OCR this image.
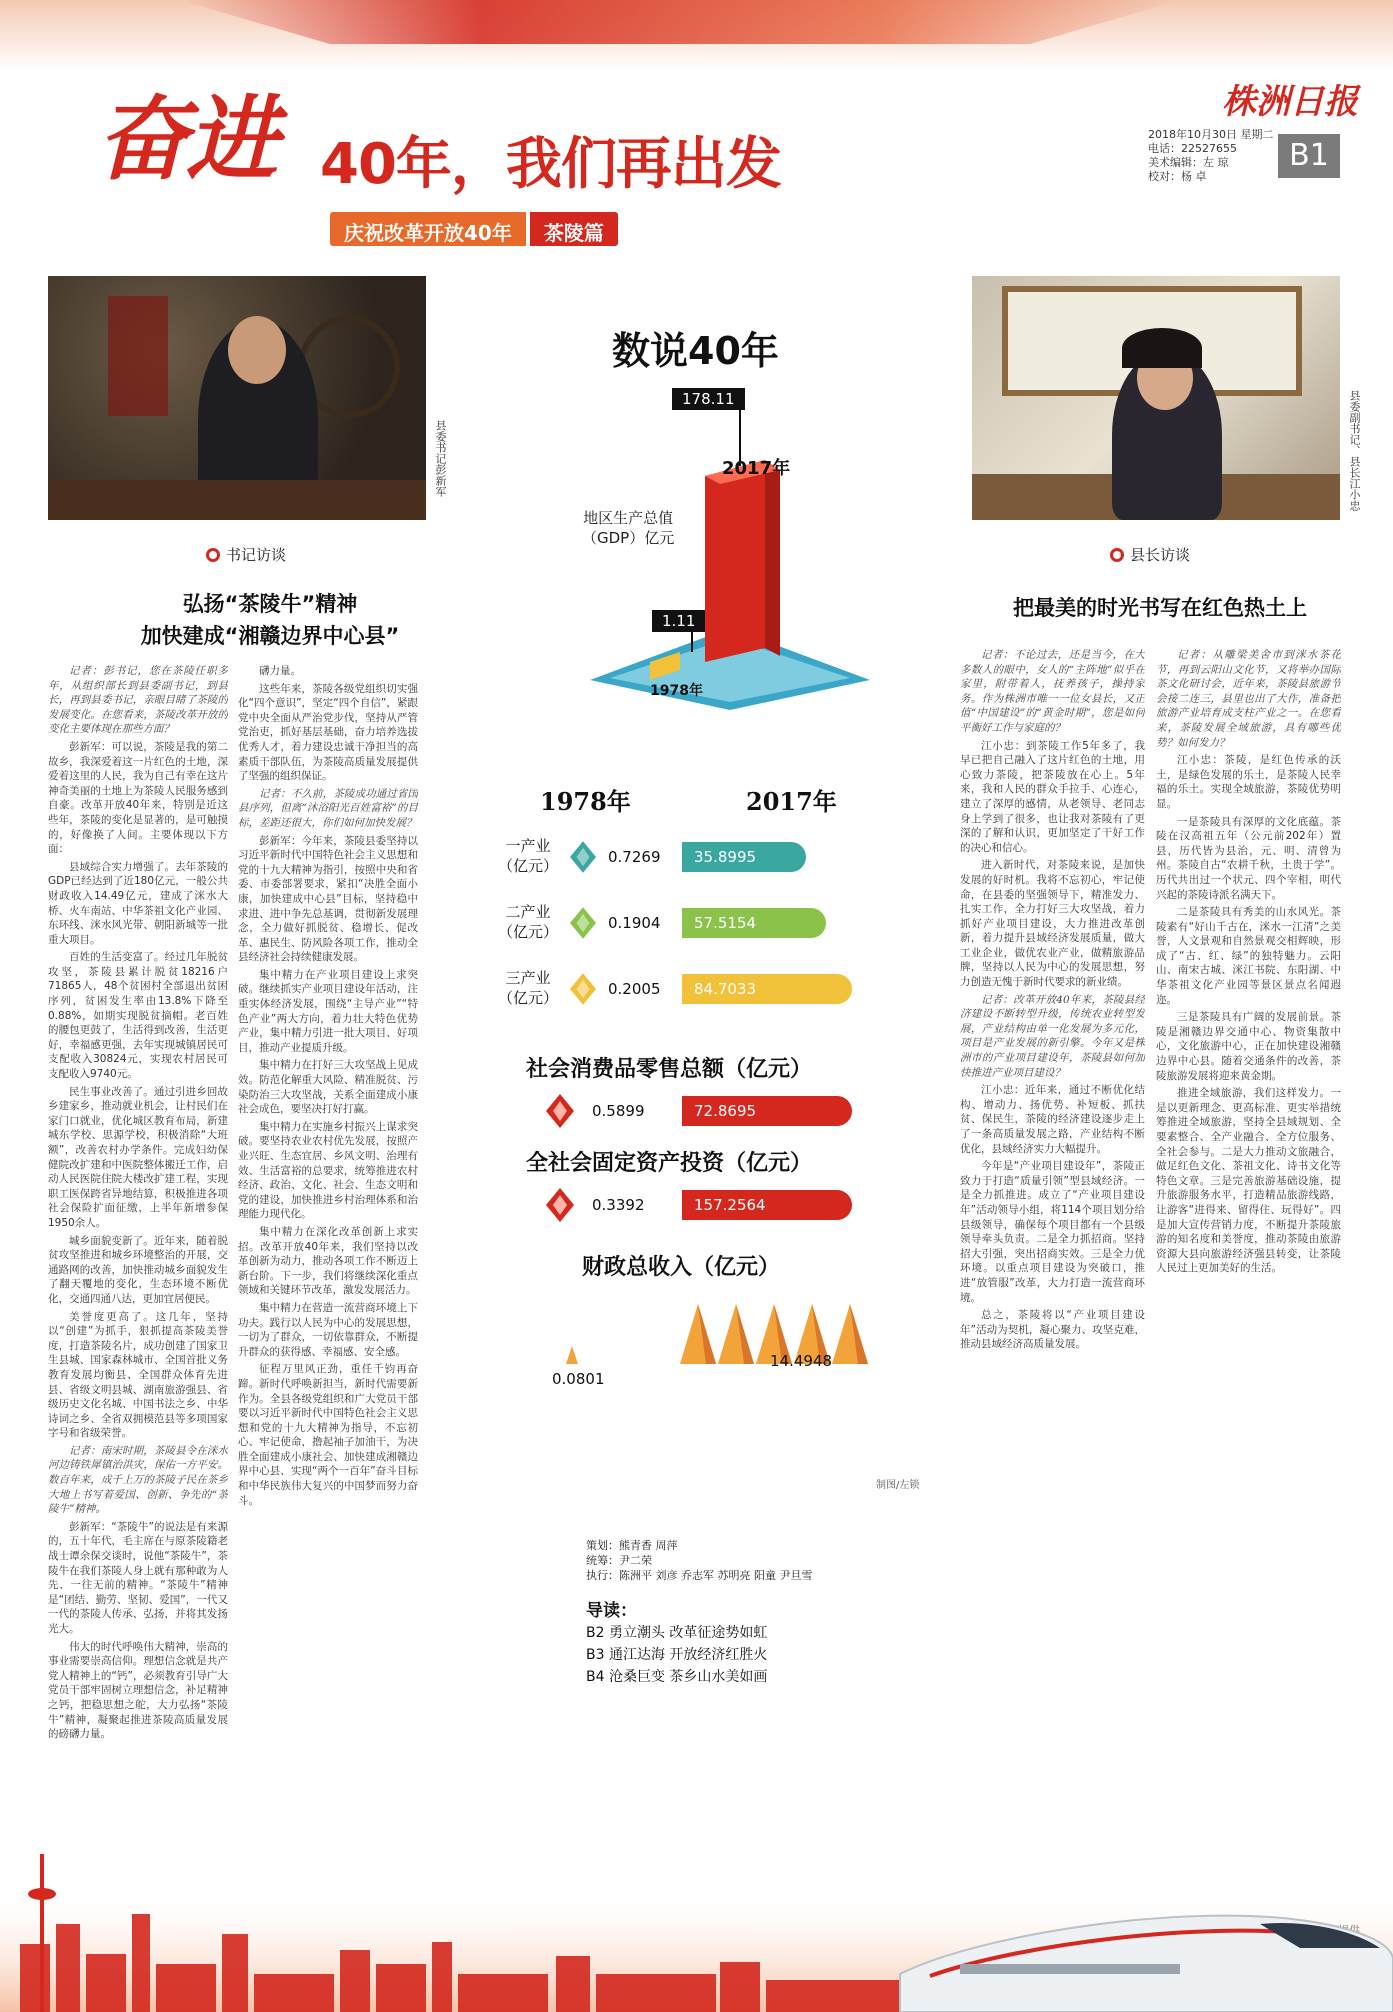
奋进 40年，我们再出发
庆祝改革开放40年	茶陵篇
株洲日报
2018年10月30日 星期二
电话：22527655
美术编辑：左 琼
校对：杨 卓
B1
县委书记彭新军	县委副书记、县长江小忠
书记访谈	县长访谈
弘扬“茶陵牛”精神
加快建成“湘赣边界中心县”
把最美的时光书写在红色热土上

记者：彭书记，您在茶陵任职多年，从组织部长到县委副书记，到县长，再到县委书记，亲眼目睹了茶陵的发展变化。在您看来，茶陵改革开放的变化主要体现在那些方面？

彭新军：可以说，茶陵是我的第二故乡，我深爱着这一片红色的土地，深爱着这里的人民，我为自己有幸在这片神奇美丽的土地上为茶陵人民服务感到自豪。改革开放40年来，特别是近这些年，茶陵的变化是显著的，是可触摸的，好像换了人间。主要体现以下方面：

县域综合实力增强了。去年茶陵的GDP已经达到了近180亿元，一般公共财政收入14.49亿元，建成了洣水大桥、火车南站、中华茶祖文化产业园、东环线、洣水风光带、朝阳新城等一批重大项目。

百姓的生活变富了。经过几年脱贫攻坚，茶陵县累计脱贫18216户71865人，48个贫困村全部退出贫困序列，贫困发生率由13.8%下降至0.88%，如期实现脱贫摘帽。老百姓的腰包更鼓了，生活得到改善，生活更好，幸福感更强，去年实现城镇居民可支配收入30824元，实现农村居民可支配收入9740元。

民生事业改善了。通过引进乡回故乡建家乡，推动就业机会，让村民们在家门口就业，优化城区教育布局，新建城东学校、思源学校，积极消除“大班额”，改善农村办学条件。完成妇幼保健院改扩建和中医院整体搬迁工作，启动人民医院住院大楼改扩建工程，实现职工医保跨省异地结算，积极推进各项社会保险扩面征缴，上半年新增参保1950余人。

城乡面貌变新了。近年来，随着脱贫攻坚推进和城乡环境整治的开展，交通路网的改善，加快推动城乡面貌发生了翻天覆地的变化，生态环境不断优化，交通四通八达，更加宜居便民。

美誉度更高了。这几年，坚持以“创建”为抓手，狠抓提高茶陵美誉度，打造茶陵名片，成功创建了国家卫生县城、国家森林城市、全国首批义务教育发展均衡县、全国群众体育先进县、省级文明县城、湖南旅游强县、省级历史文化名城、中国书法之乡、中华诗词之乡、全省双拥模范县等多项国家字号和省级荣誉。

记者：南宋时期，茶陵县令在洣水河边铸铁犀镇治洪灾，保佑一方平安。数百年来，成千上万的茶陵子民在茶乡大地上书写着爱国、创新、争先的“茶陵牛”精神。

彭新军：“茶陵牛”的说法是有来源的，五十年代，毛主席在与原茶陵籍老战士谭余保交谈时，说他“茶陵牛”，茶陵牛在我们茶陵人身上就有那种敢为人先、一往无前的精神。“茶陵牛”精神是“团结、勤劳、坚韧、爱国”，一代又一代的茶陵人传承、弘扬，并将其发扬光大。

伟大的时代呼唤伟大精神，崇高的事业需要崇高信仰。理想信念就是共产党人精神上的“钙”，必须教育引导广大党员干部牢固树立理想信念，补足精神之钙，把稳思想之舵，大力弘扬“茶陵牛”精神，凝聚起推进茶陵高质量发展的磅礴力量。

礴力量。

这些年来，茶陵各级党组织切实强化“四个意识”，坚定“四个自信”，紧跟党中央全面从严治党步伐，坚持从严管党治吏，抓好基层基础，奋力培养选拔优秀人才，着力建设忠诚干净担当的高素质干部队伍，为茶陵高质量发展提供了坚强的组织保证。

记者：不久前，茶陵成功通过省国县序列，但离“沐浴阳光百姓富裕”的目标，差距还很大，你们如何加快发展？

彭新军：今年来，茶陵县委坚持以习近平新时代中国特色社会主义思想和党的十九大精神为指引，按照中央和省委、市委部署要求，紧扣“决胜全面小康，加快建成中心县”目标，坚持稳中求进、进中争先总基调，贯彻新发展理念，全力做好抓脱贫、稳增长、促改革、惠民生、防风险各项工作，推动全县经济社会持续健康发展。

集中精力在产业项目建设上求突破。继续抓实产业项目建设年活动，注重实体经济发展，围绕“主导产业”“特色产业”两大方向，着力壮大特色优势产业，集中精力引进一批大项目、好项目，推动产业提质升级。

集中精力在打好三大攻坚战上见成效。防范化解重大风险、精准脱贫、污染防治三大攻坚战，关系全面建成小康社会成色，要坚决打好打赢。

集中精力在实施乡村振兴上谋求突破。要坚持农业农村优先发展，按照产业兴旺、生态宜居、乡风文明、治理有效、生活富裕的总要求，统筹推进农村经济、政治、文化、社会、生态文明和党的建设，加快推进乡村治理体系和治理能力现代化。

集中精力在深化改革创新上求实招。改革开放40年来，我们坚持以改革创新为动力，推动各项工作不断迈上新台阶。下一步，我们将继续深化重点领域和关键环节改革，激发发展活力。

集中精力在营造一流营商环境上下功夫。践行以人民为中心的发展思想，一切为了群众，一切依靠群众，不断提升群众的获得感、幸福感、安全感。

征程万里风正劲，重任千钧再奋蹄。新时代呼唤新担当，新时代需要新作为。全县各级党组织和广大党员干部要以习近平新时代中国特色社会主义思想和党的十九大精神为指导，不忘初心、牢记使命，撸起袖子加油干，为决胜全面建成小康社会、加快建成湘赣边界中心县、实现“两个一百年”奋斗目标和中华民族伟大复兴的中国梦而努力奋斗。

记者：不论过去，还是当今，在大多数人的眼中，女人的“主阵地”似乎在家里，附带着人，抚养孩子，操持家务。作为株洲市唯一一位女县长，又正值“中国建设”的“黄金时期”，您是如何平衡好工作与家庭的？

江小忠：到茶陵工作5年多了，我早已把自己融入了这片红色的土地，用心致力茶陵，把茶陵放在心上。5年来，我和人民的群众手拉手、心连心，建立了深厚的感情，从老领导、老同志身上学到了很多，也让我对茶陵有了更深的了解和认识，更加坚定了干好工作的决心和信心。

进入新时代，对茶陵来说，是加快发展的好时机。我将不忘初心，牢记使命，在县委的坚强领导下，精准发力、扎实工作，全力打好三大攻坚战，着力抓好产业项目建设，大力推进改革创新，着力提升县域经济发展质量，做大工业企业，做优农业产业，做精旅游品牌，坚持以人民为中心的发展思想，努力创造无愧于新时代要求的新业绩。

记者：改革开放40年来，茶陵县经济建设不断转型升级，传统农业转型发展，产业结构由单一化发展为多元化，项目是产业发展的新引擎。今年又是株洲市的产业项目建设年，茶陵县如何加快推进产业项目建设？

江小忠：近年来，通过不断优化结构、增动力、扬优势、补短板、抓扶贫、保民生，茶陵的经济建设逐步走上了一条高质量发展之路，产业结构不断优化，县域经济实力大幅提升。

今年是“产业项目建设年”，茶陵正致力于打造“质量引领”型县域经济。一是全力抓推进。成立了“产业项目建设年”活动领导小组，将114个项目划分给县级领导，确保每个项目都有一个县级领导牵头负责。二是全力抓招商。坚持招大引强，突出招商实效。三是全力优环境。以重点项目建设为突破口，推进“放管服”改革，大力打造一流营商环境。

总之，茶陵将以“产业项目建设年”活动为契机，凝心聚力、攻坚克难，推动县域经济高质量发展。

记者：从雕梁美舍市到洣水茶花节，再到云阳山文化节，又将举办国际茶文化研讨会，近年来，茶陵县旅游节会接二连三，县里也出了大作，准备把旅游产业培育成支柱产业之一。在您看来，茶陵发展全域旅游，具有哪些优势？如何发力？

江小忠：茶陵，是红色传承的沃土，是绿色发展的乐土，是茶陵人民幸福的乐土。实现全域旅游，茶陵优势明显。

一是茶陵具有深厚的文化底蕴。茶陵在汉高祖五年（公元前202年）置县，历代皆为县治，元、明、清曾为州。茶陵自古“农耕千秋，土贵于学”。历代共出过一个状元、四个宰相，明代兴起的茶陵诗派名满天下。

二是茶陵具有秀美的山水风光。茶陵素有“好山千古在，洣水一江清”之美誉，人文景观和自然景观交相辉映，形成了“古、红、绿”的独特魅力。云阳山、南宋古城、洣江书院、东阳湖、中华茶祖文化产业园等景区景点名闻遐迩。

三是茶陵具有广阔的发展前景。茶陵是湘赣边界交通中心、物资集散中心，文化旅游中心，正在加快建设湘赣边界中心县。随着交通条件的改善，茶陵旅游发展将迎来黄金期。

推进全域旅游，我们这样发力。一是以更新理念、更高标准、更实举措统筹推进全域旅游，坚持全县域规划、全要素整合、全产业融合、全方位服务、全社会参与。二是大力推动文旅融合，做足红色文化、茶祖文化、诗书文化等特色文章。三是完善旅游基础设施，提升旅游服务水平，打造精品旅游线路，让游客“进得来、留得住、玩得好”。四是加大宣传营销力度，不断提升茶陵旅游的知名度和美誉度，推动茶陵由旅游资源大县向旅游经济强县转变，让茶陵人民过上更加美好的生活。

数说40年
178.11
1.11
2017年
1978年
地区生产总值
（GDP）亿元
1978年	2017年
一产业
（亿元）	0.7269	35.8995
二产业
（亿元）	0.1904	57.5154
三产业
（亿元）	0.2005	84.7033
社会消费品零售总额（亿元）
0.5899	72.8695
全社会固定资产投资（亿元）
0.3392	157.2564
财政总收入（亿元）
0.0801
14.4948
制图/左锁
策划：熊青香 周萍
统筹：尹二荣
执行：陈洲平 刘彦 乔志军 苏明亮 阳童 尹旦雪
导读：
B2 勇立潮头 改革征途势如虹
B3 通江达海 开放经济红胜火
B4 沧桑巨变 茶乡山水美如画
